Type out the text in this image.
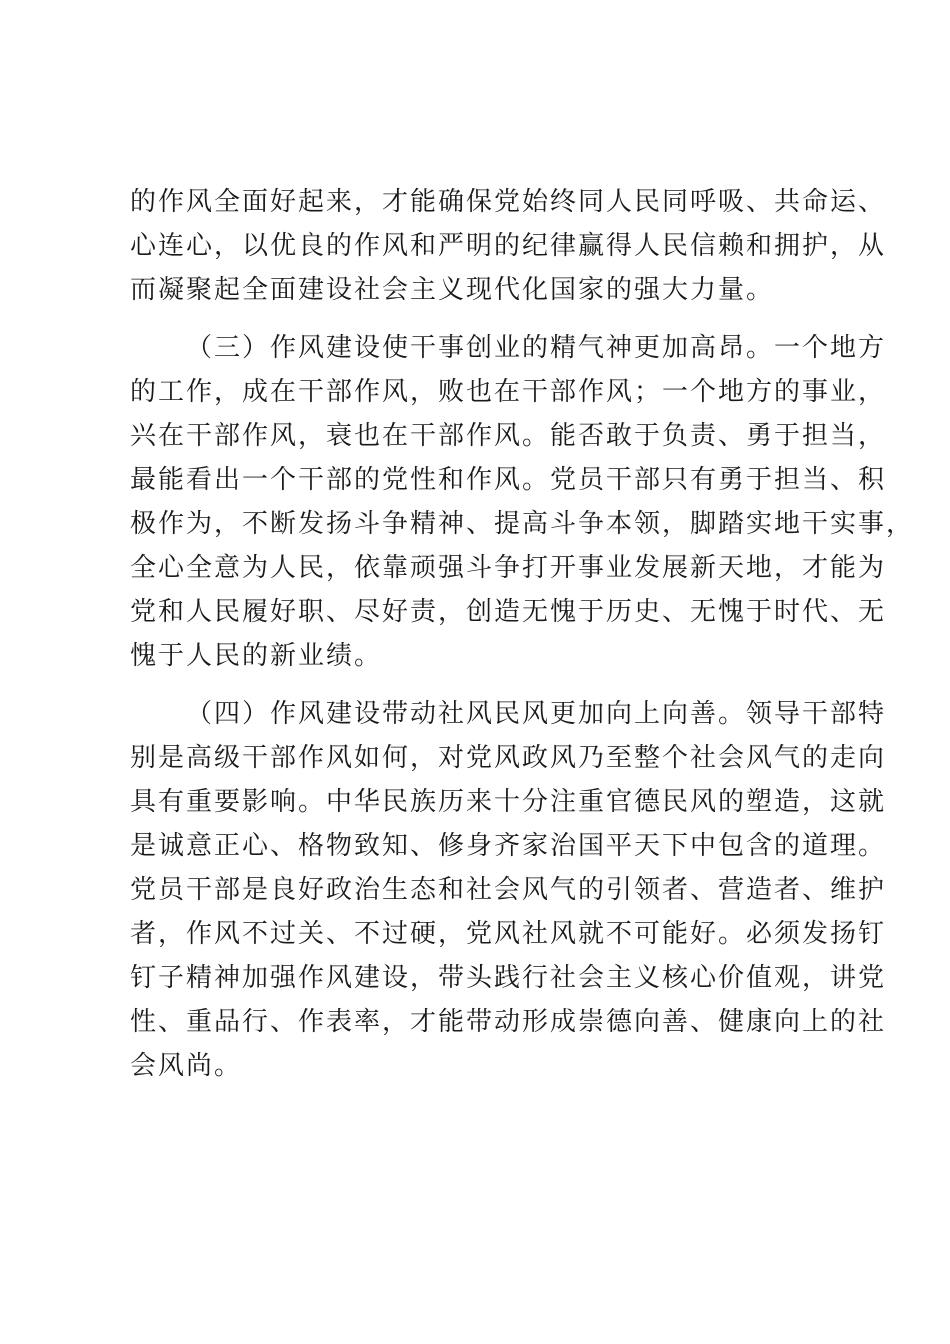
的作风全面好起来，才能确保党始终同人民同呼吸、共命运、
心连心，以优良的作风和严明的纪律赢得人民信赖和拥护，从
而凝聚起全面建设社会主义现代化国家的强大力量。
（三）作风建设使干事创业的精气神更加高昂。一个地方
的工作，成在干部作风，败也在干部作风；一个地方的事业，
兴在干部作风，衰也在干部作风。能否敢于负责、勇于担当，
最能看出一个干部的党性和作风。党员干部只有勇于担当、积
极作为，不断发扬斗争精神、提高斗争本领，脚踏实地干实事，
全心全意为人民，依靠顽强斗争打开事业发展新天地，才能为
党和人民履好职、尽好责，创造无愧于历史、无愧于时代、无
愧于人民的新业绩。
（四）作风建设带动社风民风更加向上向善。领导干部特
别是高级干部作风如何，对党风政风乃至整个社会风气的走向
具有重要影响。中华民族历来十分注重官德民风的塑造，这就
是诚意正心、格物致知、修身齐家治国平天下中包含的道理。
党员干部是良好政治生态和社会风气的引领者、营造者、维护
者，作风不过关、不过硬，党风社风就不可能好。必须发扬钉
钉子精神加强作风建设，带头践行社会主义核心价值观，讲党
性、重品行、作表率，才能带动形成崇德向善、健康向上的社
会风尚。
